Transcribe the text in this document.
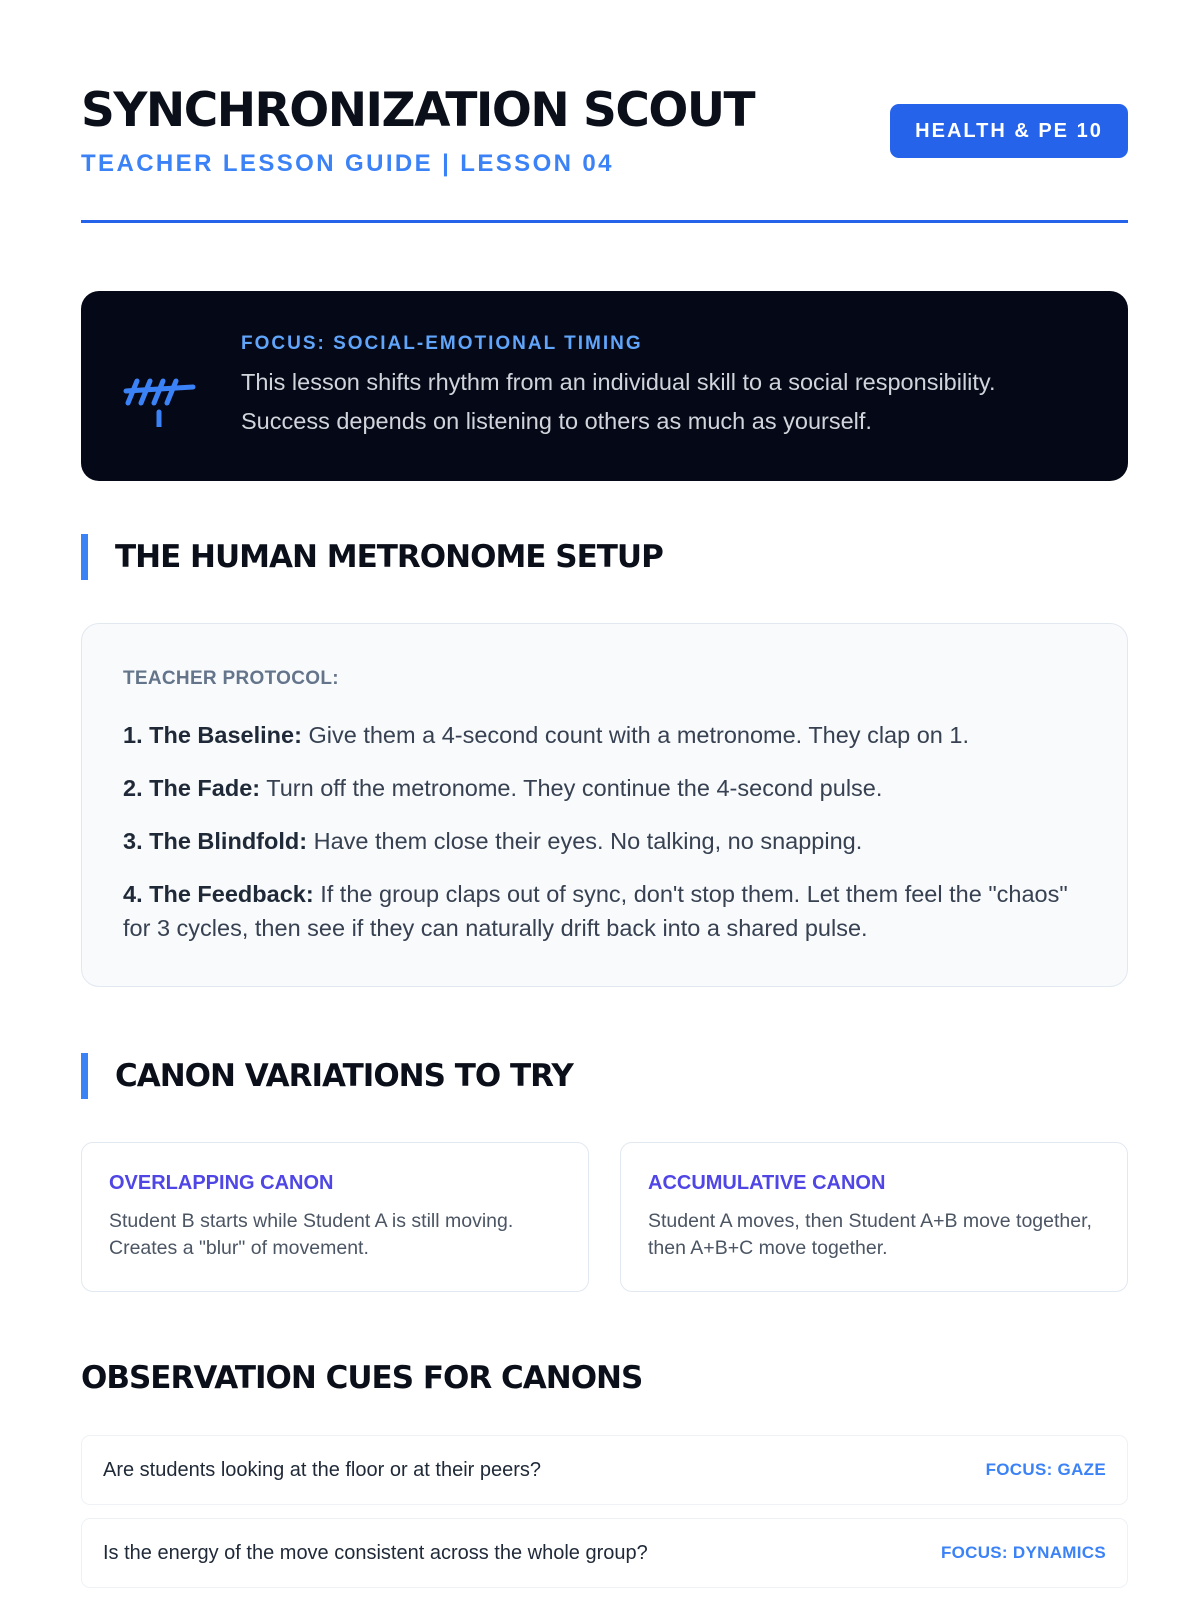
SYNCHRONIZATION SCOUT
TEACHER LESSON GUIDE | LESSON 04
HEALTH & PE 10
FOCUS: SOCIAL-EMOTIONAL TIMING

This lesson shifts rhythm from an individual skill to a social responsibility. Success depends on listening to others as much as yourself.

THE HUMAN METRONOME SETUP
TEACHER PROTOCOL:
1. The Baseline: Give them a 4-second count with a metronome. They clap on 1.
2. The Fade: Turn off the metronome. They continue the 4-second pulse.
3. The Blindfold: Have them close their eyes. No talking, no snapping.
4. The Feedback: If the group claps out of sync, don't stop them. Let them feel the "chaos" for 3 cycles, then see if they can naturally drift back into a shared pulse.
CANON VARIATIONS TO TRY
OVERLAPPING CANON

Student B starts while Student A is still moving. Creates a "blur" of movement.

ACCUMULATIVE CANON

Student A moves, then Student A+B move together, then A+B+C move together.

OBSERVATION CUES FOR CANONS
Are students looking at the floor or at their peers?	FOCUS: GAZE
Is the energy of the move consistent across the whole group?	FOCUS: DYNAMICS
